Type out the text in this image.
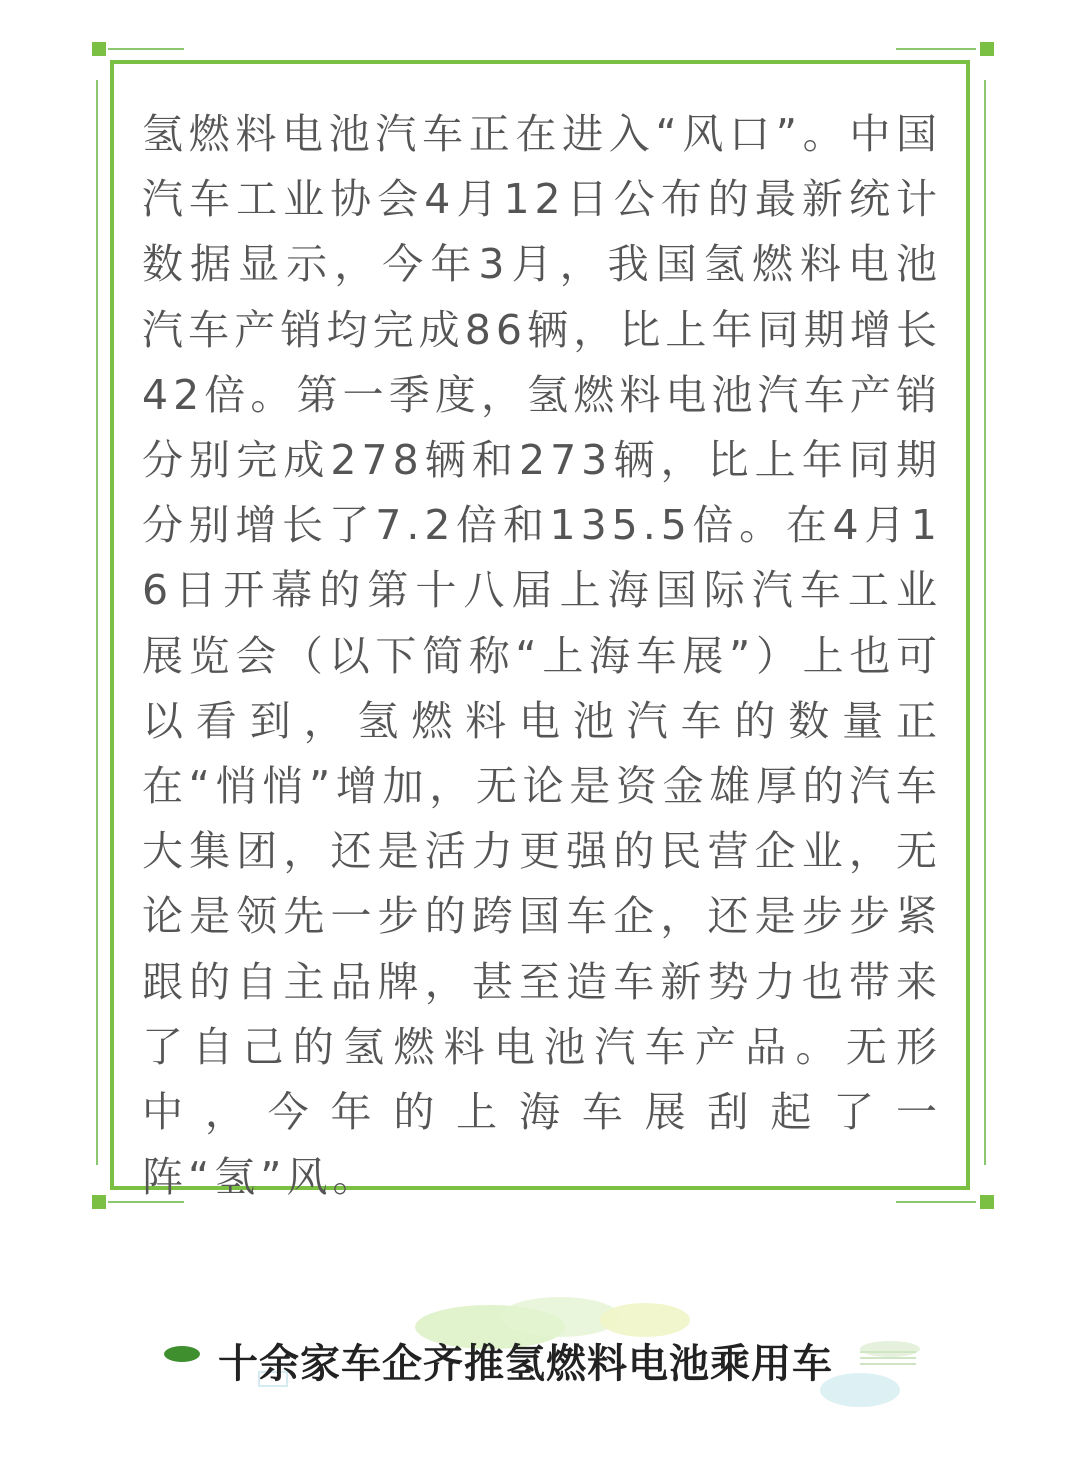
氢燃料电池汽车正在进入“风口”。中国汽车工业协会4月12日公布的最新统计数据显示，今年3月，我国氢燃料电池汽车产销均完成86辆，比上年同期增长42倍。第一季度，氢燃料电池汽车产销分别完成278辆和273辆，比上年同期分别增长了7.2倍和135.5倍。在4月16日开幕的第十八届上海国际汽车工业展览会（以下简称“上海车展”）上也可以看到，氢燃料电池汽车的数量正在“悄悄”增加，无论是资金雄厚的汽车大集团，还是活力更强的民营企业，无论是领先一步的跨国车企，还是步步紧跟的自主品牌，甚至造车新势力也带来了自己的氢燃料电池汽车产品。无形中，今年的上海车展刮起了一阵“氢”风。

十余家车企齐推氢燃料电池乘用车
